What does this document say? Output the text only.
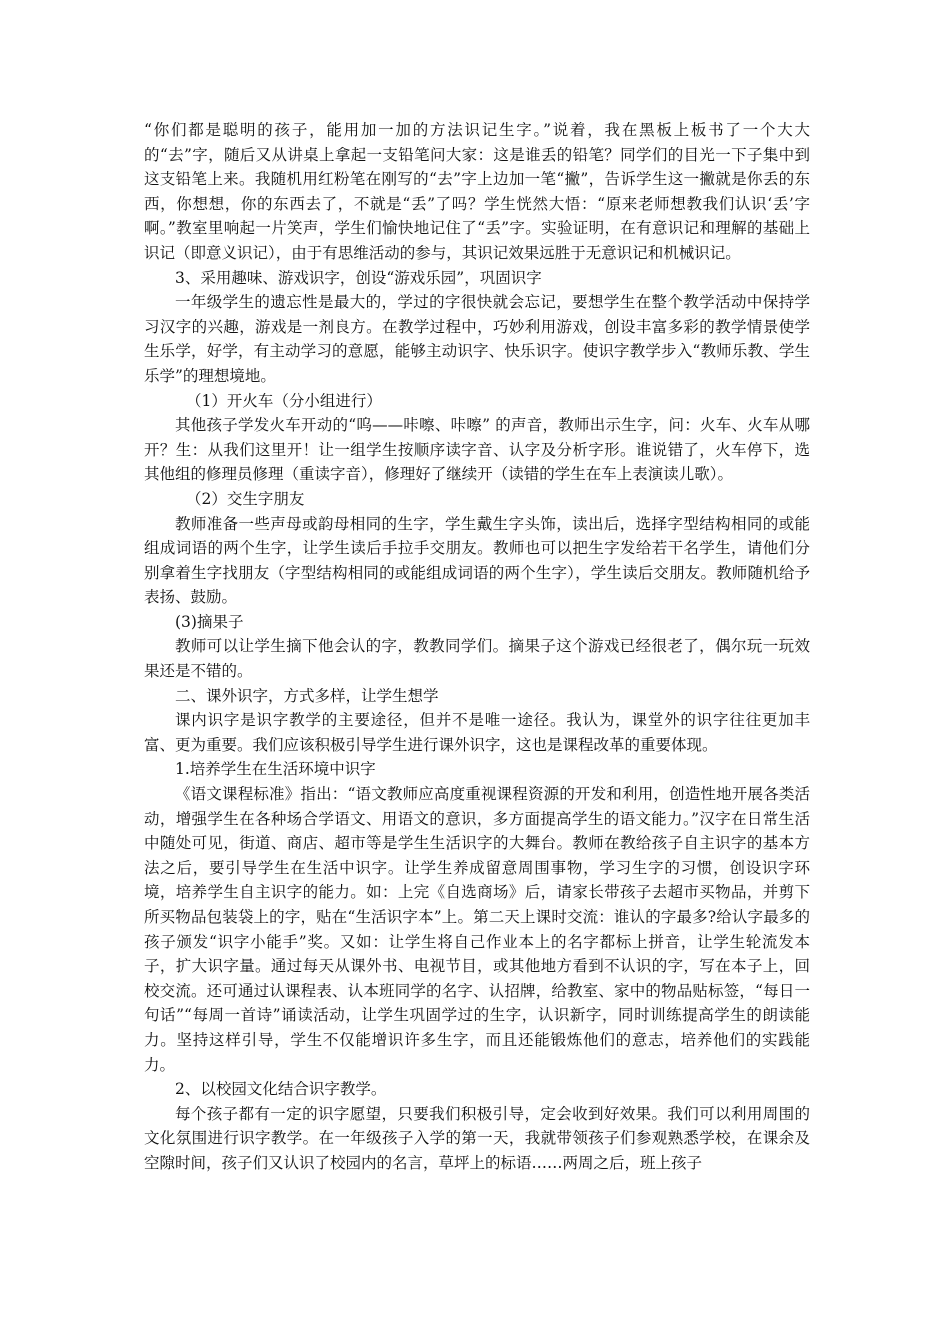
“你们都是聪明的孩子，能用加一加的方法识记生字。”说着，我在黑板上板书了一个大大的“去”字，随后又从讲桌上拿起一支铅笔问大家：这是谁丢的铅笔？同学们的目光一下子集中到这支铅笔上来。我随机用红粉笔在刚写的“去”字上边加一笔“撇”，告诉学生这一撇就是你丢的东西，你想想，你的东西去了，不就是“丢”了吗？学生恍然大悟：“原来老师想教我们认识‘丢’字啊。”教室里响起一片笑声，学生们愉快地记住了“丢”字。实验证明，在有意识记和理解的基础上识记（即意义识记），由于有思维活动的参与，其识记效果远胜于无意识记和机械识记。

3、采用趣味、游戏识字，创设“游戏乐园”，巩固识字

一年级学生的遗忘性是最大的，学过的字很快就会忘记，要想学生在整个教学活动中保持学习汉字的兴趣，游戏是一剂良方。在教学过程中，巧妙利用游戏，创设丰富多彩的教学情景使学生乐学，好学，有主动学习的意愿，能够主动识字、快乐识字。使识字教学步入“教师乐教、学生乐学”的理想境地。

（1）开火车（分小组进行）

其他孩子学发火车开动的“呜——咔嚓、咔嚓” 的声音，教师出示生字，问：火车、火车从哪开？生：从我们这里开！让一组学生按顺序读字音、认字及分析字形。谁说错了，火车停下，选其他组的修理员修理（重读字音），修理好了继续开（读错的学生在车上表演读儿歌）。

（2）交生字朋友

教师准备一些声母或韵母相同的生字，学生戴生字头饰，读出后，选择字型结构相同的或能组成词语的两个生字，让学生读后手拉手交朋友。教师也可以把生字发给若干名学生，请他们分别拿着生字找朋友（字型结构相同的或能组成词语的两个生字），学生读后交朋友。教师随机给予表扬、鼓励。

(3)摘果子

教师可以让学生摘下他会认的字，教教同学们。摘果子这个游戏已经很老了，偶尔玩一玩效果还是不错的。

二、课外识字，方式多样，让学生想学

课内识字是识字教学的主要途径，但并不是唯一途径。我认为，课堂外的识字往往更加丰富、更为重要。我们应该积极引导学生进行课外识字，这也是课程改革的重要体现。

1.培养学生在生活环境中识字

《语文课程标准》指出：“语文教师应高度重视课程资源的开发和利用，创造性地开展各类活动，增强学生在各种场合学语文、用语文的意识，多方面提高学生的语文能力。”汉字在日常生活中随处可见，街道、商店、超市等是学生生活识字的大舞台。教师在教给孩子自主识字的基本方法之后，要引导学生在生活中识字。让学生养成留意周围事物，学习生字的习惯，创设识字环境，培养学生自主识字的能力。如：上完《自选商场》后，请家长带孩子去超市买物品，并剪下所买物品包装袋上的字，贴在“生活识字本”上。第二天上课时交流：谁认的字最多?给认字最多的孩子颁发“识字小能手”奖。又如：让学生将自己作业本上的名字都标上拼音，让学生轮流发本子，扩大识字量。通过每天从课外书、电视节目，或其他地方看到不认识的字，写在本子上，回校交流。还可通过认课程表、认本班同学的名字、认招牌，给教室、家中的物品贴标签，“每日一句话”“每周一首诗”诵读活动，让学生巩固学过的生字，认识新字，同时训练提高学生的朗读能力。坚持这样引导，学生不仅能增识许多生字，而且还能锻炼他们的意志，培养他们的实践能力。

2、以校园文化结合识字教学。

每个孩子都有一定的识字愿望，只要我们积极引导，定会收到好效果。我们可以利用周围的文化氛围进行识字教学。在一年级孩子入学的第一天，我就带领孩子们参观熟悉学校，在课余及空隙时间，孩子们又认识了校园内的名言，草坪上的标语……两周之后，班上孩子
